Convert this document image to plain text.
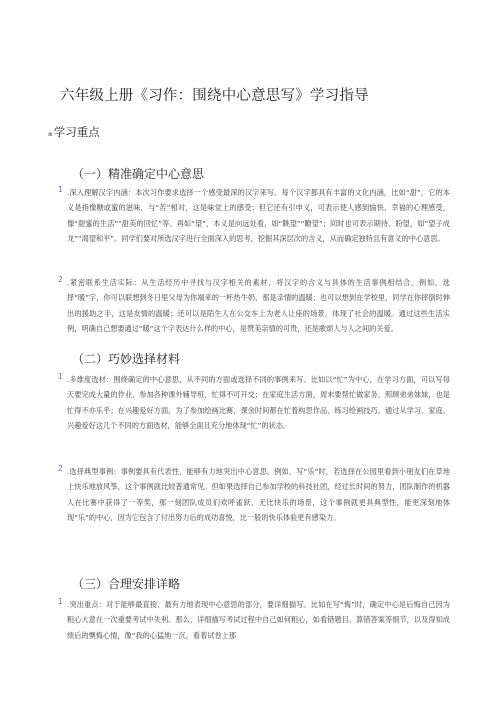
六年级上册《习作：围绕中心意思写》学习指导
▪学习重点
（一）精准确定中心意思
1 .深入理解汉字内涵：本次习作要求选择一个感受最深的汉字来写。每个汉字都具有丰富的文化内涵，比如“甜”，它的本义是指像糖或蜜的滋味，与“苦”相对，这是味觉上的感受；但它还有引申义，可表示使人感到愉快、幸福的心理感受，像“甜蜜的生活”“甜美的回忆”等。再如“望”，本义是向远处看，如“眺望”“瞭望”；同时也可表示期待、盼望，如“望子成龙”“渴望和平”。同学们要对所选汉字进行全面深入的思考，挖掘其深层次的含义，从而确定独特且有意义的中心意思。
2 .紧密联系生活实际：从生活经历中寻找与汉字相关的素材，将汉字的含义与具体的生活事例相结合。例如，选择“暖”字，你可以联想到冬日里父母为你端来的一杯热牛奶，那是亲情的温暖；也可以想到在学校里，同学在你摔倒时伸出的援助之手，这是友情的温暖；还可以是陌生人在公交车上为老人让座的场景，体现了社会的温暖。通过这些生活实例，明确自己想要通过“暖”这个字表达什么样的中心，是赞美亲情的可贵，还是歌颂人与人之间的关爱。
（二）巧妙选择材料
1 .多维度选材：围绕确定的中心意思，从不同的方面或选择不同的事例来写。比如以“忙”为中心，在学习方面，可以写每天要完成大量的作业，参加各种课外辅导班，忙得不可开交；在家庭生活方面，周末要帮忙做家务，照顾弟弟妹妹，也是忙得不亦乐乎；在兴趣爱好方面，为了参加绘画比赛，课余时间都在忙着构思作品、练习绘画技巧。通过从学习、家庭、兴趣爱好这几个不同的方面选材，能够全面且充分地体现“忙”的状态。
2 .选择典型事例：事例要具有代表性，能够有力地突出中心意思。例如，写“乐”时，若选择在公园里看到小朋友们在草地上快乐地放风筝，这个事例就比较普通常见。但如果选择自己参加学校的科技社团，经过长时间的努力，团队制作的机器人在比赛中获得了一等奖，那一刻团队成员们欢呼雀跃、无比快乐的场景，这个事例就更具典型性，能更深刻地体现“乐”的中心，因为它包含了付出努力后的成功喜悦，比一般的快乐体验更有感染力。
（三）合理安排详略
1 .突出重点：对于能够最直接、最有力地表现中心意思的部分，要详细描写。比如在写“悔”时，确定中心是后悔自己因为粗心大意在一次重要考试中失利。那么，详细描写考试过程中自己如何粗心，如看错题目、算错答案等细节，以及得知成绩后的懊悔心情，像“我的心猛地一沉，看着试卷上那
